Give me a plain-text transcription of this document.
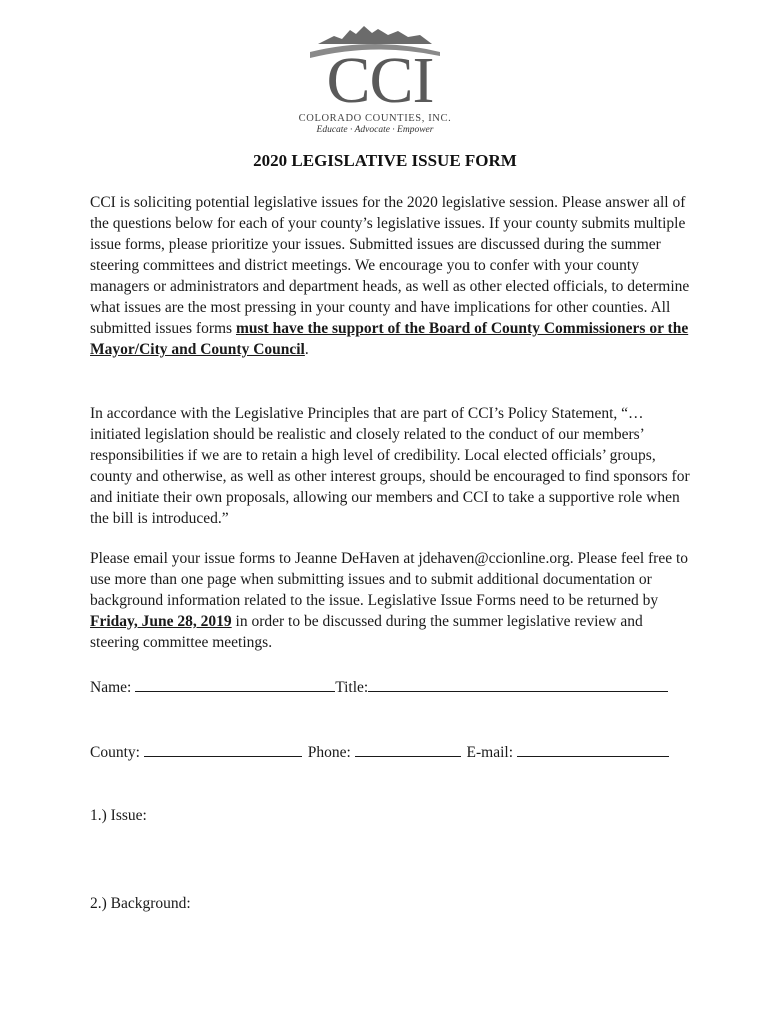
CCI
COLORADO COUNTIES, INC.
Educate · Advocate · Empower
2020 LEGISLATIVE ISSUE FORM
CCI is soliciting potential legislative issues for the 2020 legislative session. Please answer all of the questions below for each of your county’s legislative issues. If your county submits multiple issue forms, please prioritize your issues. Submitted issues are discussed during the summer steering committees and district meetings. We encourage you to confer with your county managers or administrators and department heads, as well as other elected officials, to determine what issues are the most pressing in your county and have implications for other counties. All submitted issues forms must have the support of the Board of County Commissioners or the Mayor/City and County Council.
In accordance with the Legislative Principles that are part of CCI’s Policy Statement, “…initiated legislation should be realistic and closely related to the conduct of our members’ responsibilities if we are to retain a high level of credibility. Local elected officials’ groups, county and otherwise, as well as other interest groups, should be encouraged to find sponsors for and initiate their own proposals, allowing our members and CCI to take a supportive role when the bill is introduced.”
Please email your issue forms to Jeanne DeHaven at jdehaven@ccionline.org. Please feel free to use more than one page when submitting issues and to submit additional documentation or background information related to the issue. Legislative Issue Forms need to be returned by Friday, June 28, 2019 in order to be discussed during the summer legislative review and steering committee meetings.
Name:	Title:
County:	Phone:	E-mail:
1.) Issue:
2.) Background:
